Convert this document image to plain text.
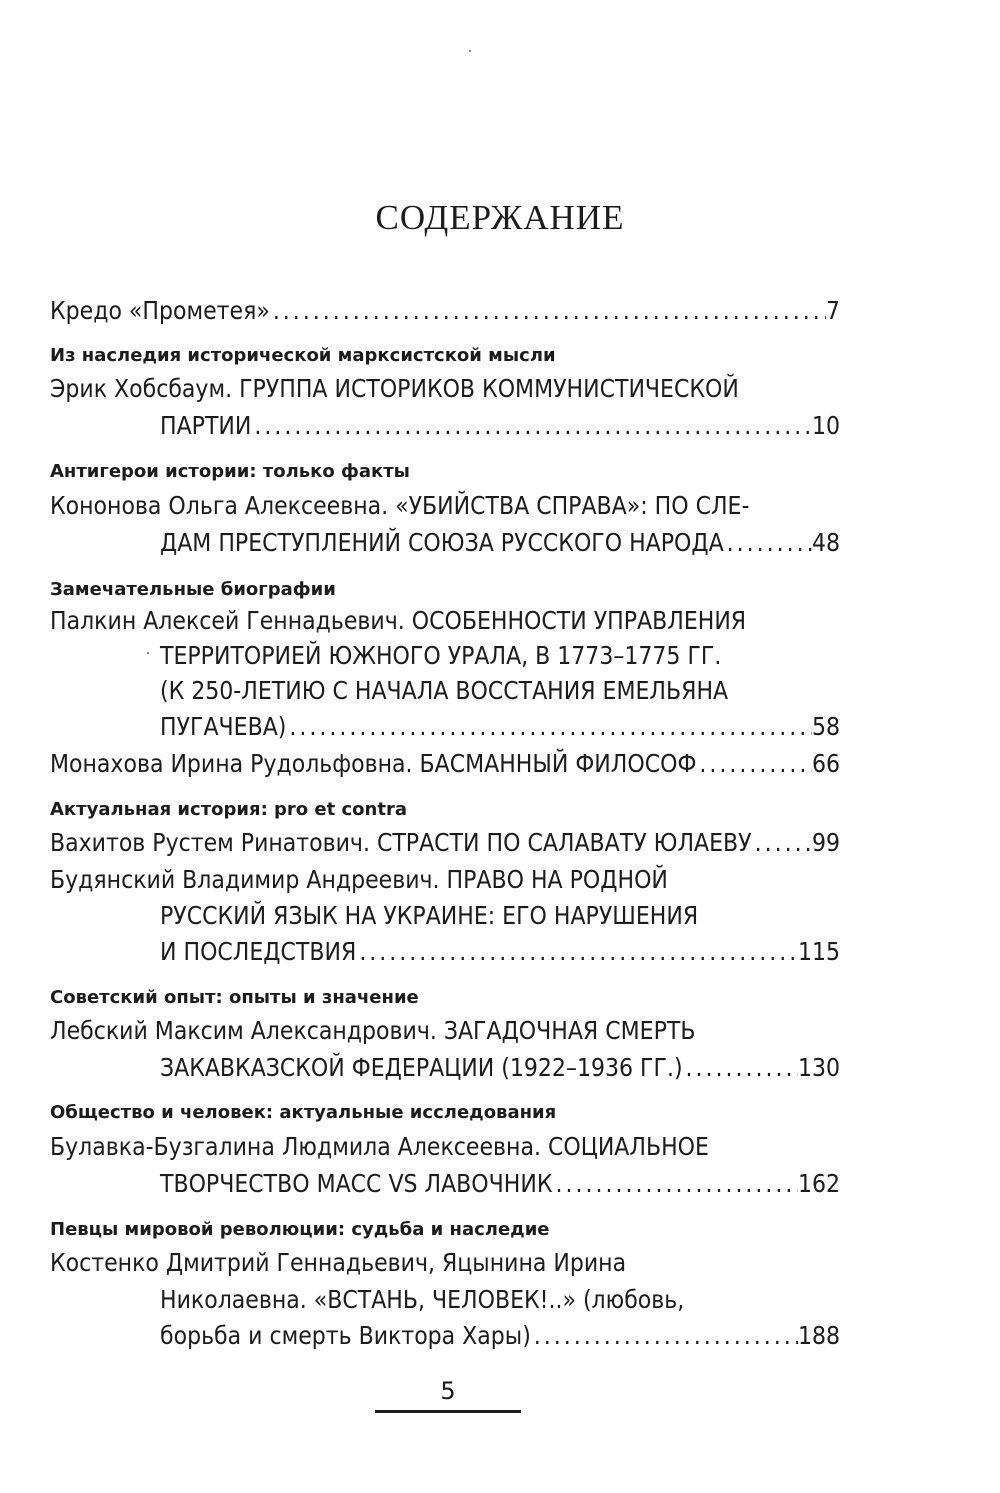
СОДЕРЖАНИЕ
Кредо «Прометея» .....	7
Из наследия исторической марксистской мысли
Эрик Хобсбаум. ГРУППА ИСТОРИКОВ КОММУНИСТИЧЕСКОЙ
ПАРТИИ .....	10
Антигерои истории: только факты
Кононова Ольга Алексеевна. «УБИЙСТВА СПРАВА»: ПО СЛЕ-
ДАМ ПРЕСТУПЛЕНИЙ СОЮЗА РУССКОГО НАРОДА .....	48
Замечательные биографии
Палкин Алексей Геннадьевич. ОСОБЕННОСТИ УПРАВЛЕНИЯ
ТЕРРИТОРИЕЙ ЮЖНОГО УРАЛА, В 1773–1775 ГГ.
(К 250-ЛЕТИЮ С НАЧАЛА ВОССТАНИЯ ЕМЕЛЬЯНА
ПУГАЧЕВА) .....	58
Монахова Ирина Рудольфовна. БАСМАННЫЙ ФИЛОСОФ .....	66
Актуальная история: pro et contra
Вахитов Рустем Ринатович. СТРАСТИ ПО САЛАВАТУ ЮЛАЕВУ ..... 99
Будянский Владимир Андреевич. ПРАВО НА РОДНОЙ
РУССКИЙ ЯЗЫК НА УКРАИНЕ: ЕГО НАРУШЕНИЯ
И ПОСЛЕДСТВИЯ .....	115
Советский опыт: опыты и значение
Лебский Максим Александрович. ЗАГАДОЧНАЯ СМЕРТЬ
ЗАКАВКАЗСКОЙ ФЕДЕРАЦИИ (1922–1936 ГГ.) .....	130
Общество и человек: актуальные исследования
Булавка-Бузгалина Людмила Алексеевна. СОЦИАЛЬНОЕ
ТВОРЧЕСТВО МАСС VS ЛАВОЧНИК .....	162
Певцы мировой революции: судьба и наследие
Костенко Дмитрий Геннадьевич, Яцынина Ирина
Николаевна. «ВСТАНЬ, ЧЕЛОВЕК!..» (любовь,
борьба и смерть Виктора Хары) .....	188
5
